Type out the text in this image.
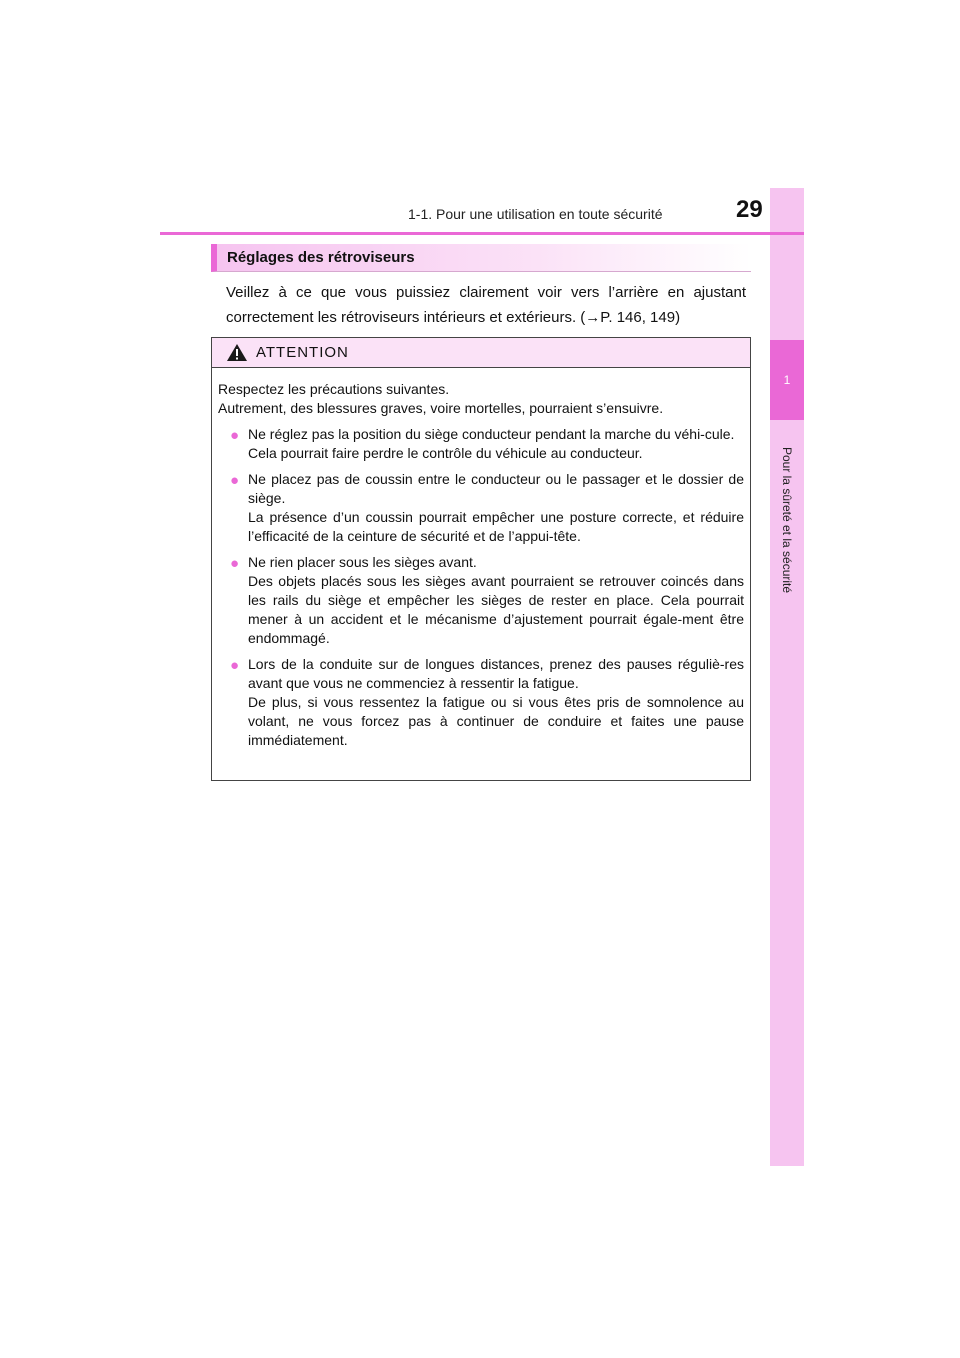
1
Pour la sûreté et la sécurité
1-1. Pour une utilisation en toute sécurité	29
Réglages des rétroviseurs
Veillez à ce que vous puissiez clairement voir vers l’arrière en ajustant correctement les rétroviseurs intérieurs et extérieurs. (→P. 146, 149)
ATTENTION

Respectez les précautions suivantes.

Autrement, des blessures graves, voire mortelles, pourraient s’ensuivre.

● Ne réglez pas la position du siège conducteur pendant la marche du véhi-cule.

Cela pourrait faire perdre le contrôle du véhicule au conducteur.

● Ne placez pas de coussin entre le conducteur ou le passager et le dossier de siège.

La présence d’un coussin pourrait empêcher une posture correcte, et réduire l’efficacité de la ceinture de sécurité et de l’appui-tête.

● Ne rien placer sous les sièges avant.

Des objets placés sous les sièges avant pourraient se retrouver coincés dans les rails du siège et empêcher les sièges de rester en place. Cela pourrait mener à un accident et le mécanisme d’ajustement pourrait égale-ment être endommagé.

● Lors de la conduite sur de longues distances, prenez des pauses réguliè-res avant que vous ne commenciez à ressentir la fatigue.

De plus, si vous ressentez la fatigue ou si vous êtes pris de somnolence au volant, ne vous forcez pas à continuer de conduire et faites une pause immédiatement.
